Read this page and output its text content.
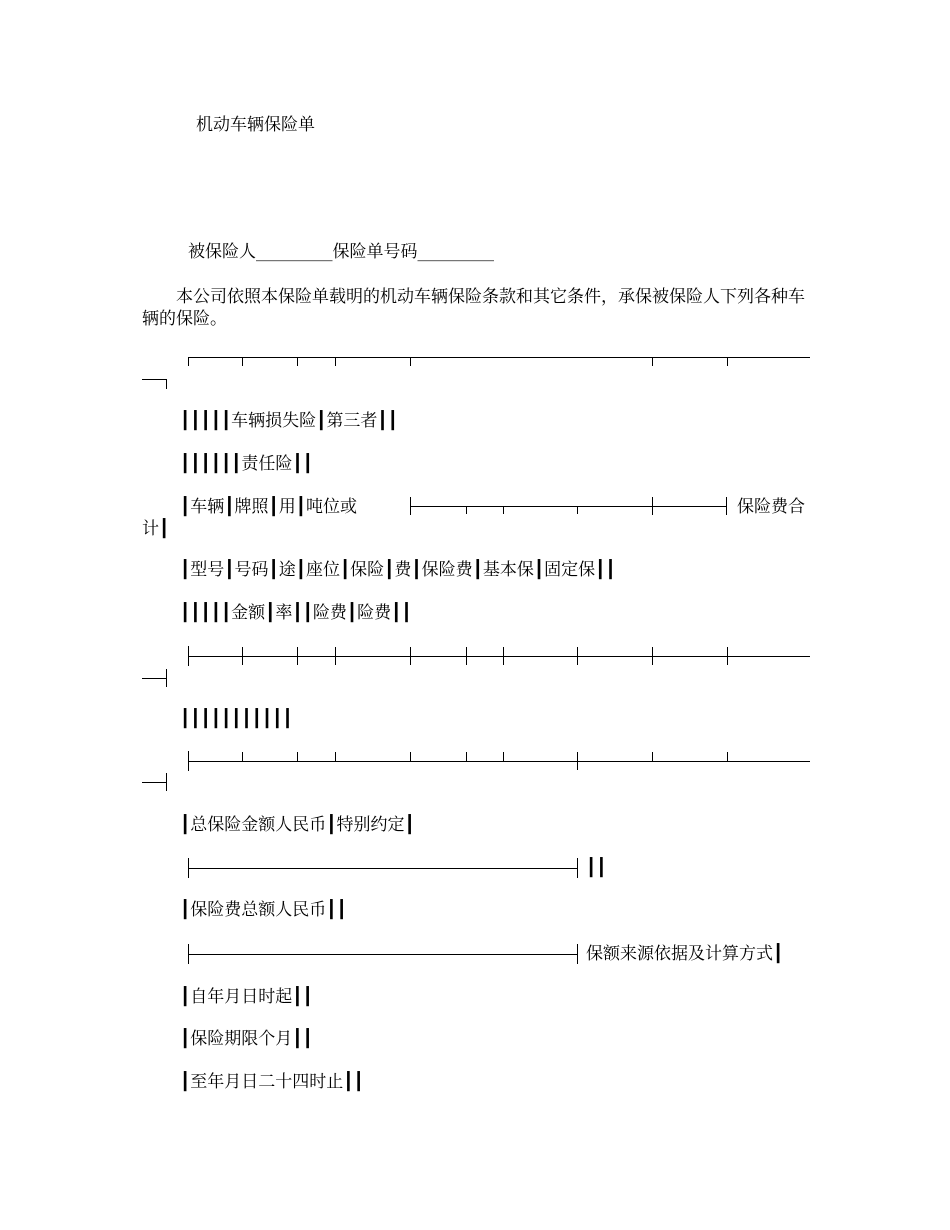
机动车辆保险单
被保险人_________保险单号码_________
本公司依照本保险单载明的机动车辆保险条款和其它条件，承保被保险人下列各种车辆的保险。
┃┃┃┃┃车辆损失险┃第三者┃┃
┃┃┃┃┃┃责任险┃┃
┃车辆┃牌照┃用┃吨位或	保险费合
计┃
┃型号┃号码┃途┃座位┃保险┃费┃保险费┃基本保┃固定保┃┃
┃┃┃┃┃金额┃率┃┃险费┃险费┃┃
┃┃┃┃┃┃┃┃┃┃┃
┃总保险金额人民币┃特别约定┃
┃┃
┃保险费总额人民币┃┃
保额来源依据及计算方式┃
┃自年月日时起┃┃
┃保险期限个月┃┃
┃至年月日二十四时止┃┃
